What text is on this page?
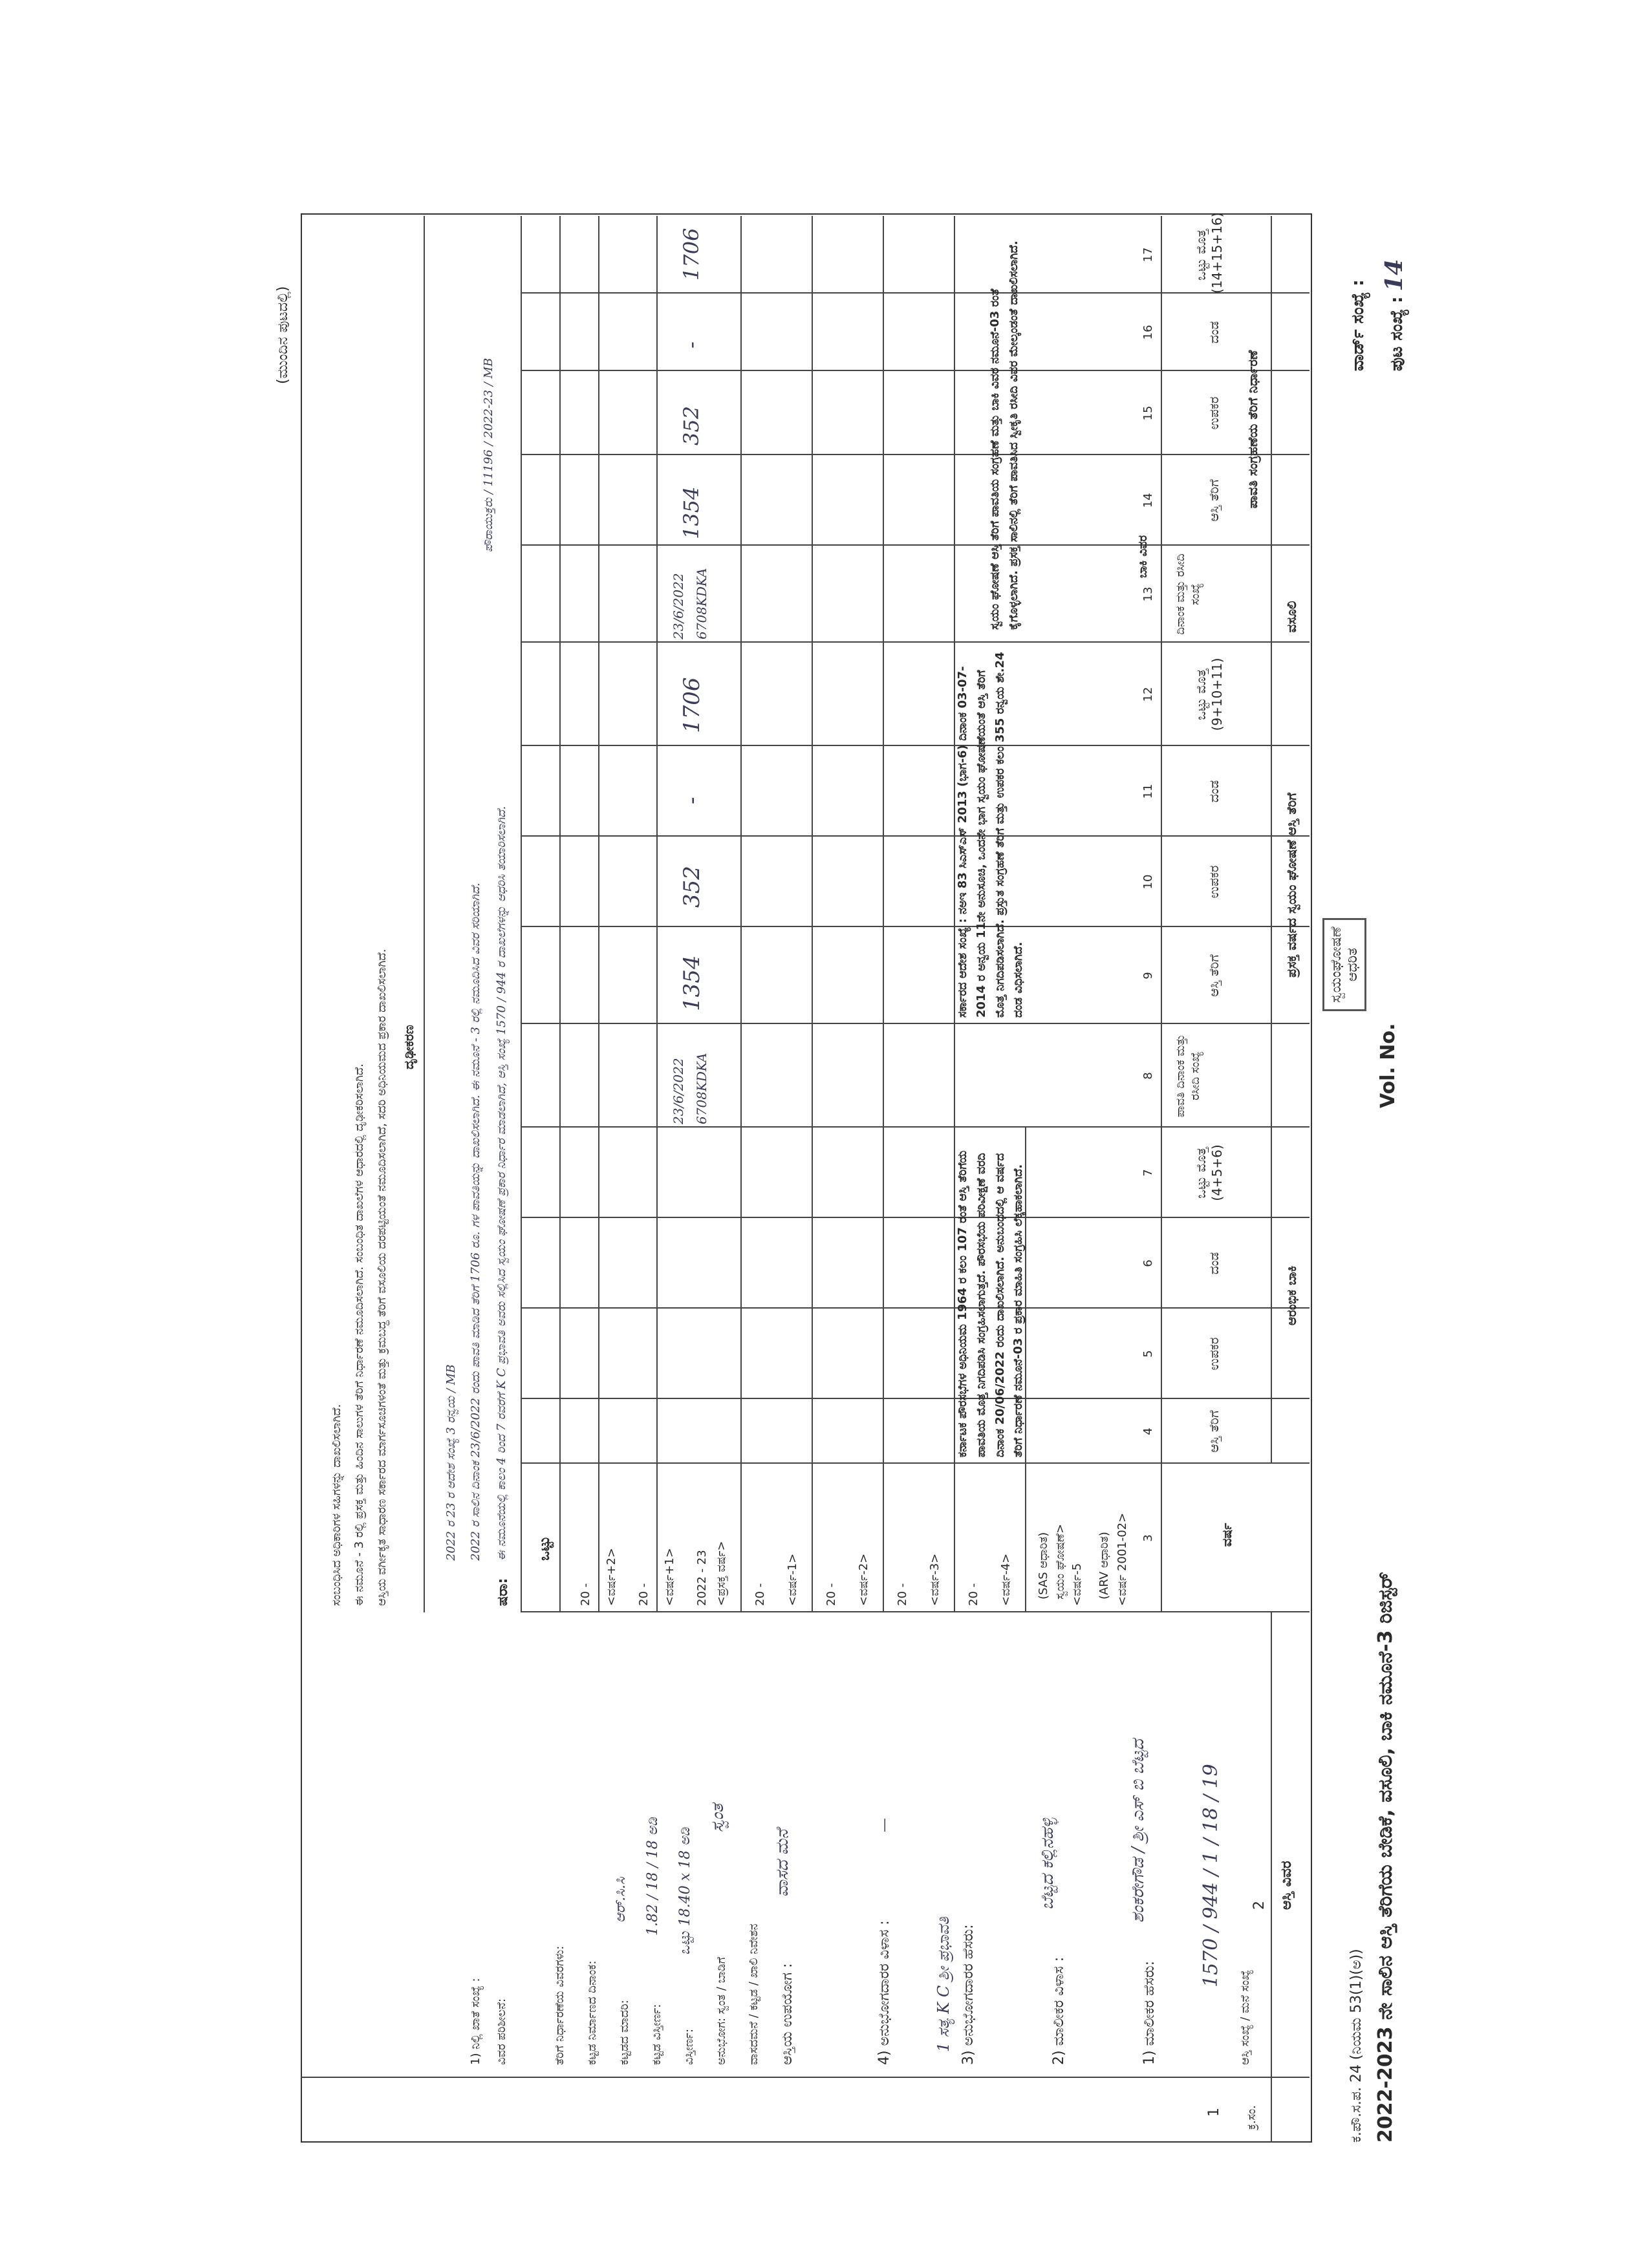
ಕ.ಪೌ.ಸ.ಪ. 24 (ನಿಯಮ 53(1)(ಅ)) 2022-2023 ನೇ ಸಾಲಿನ ಆಸ್ತಿ ತೆರಿಗೆಯ ಬೇಡಿಕೆ, ವಸೂಲಿ, ಬಾಕಿ ನಮೂನೆ-3 ರಿಜಿಸ್ಟರ್
Vol. No.
ಸ್ವಯಂಘೋಷಣೆ ಆಧರಿತ
ವಾರ್ಡ್ ಸಂಖ್ಯೆ :	ಪುಟ ಸಂಖ್ಯೆ : 14
ಆಸ್ತಿ ವಿವರ
2
ಕ್ರ.ಸಂ.
1
ಆಸ್ತಿ ಸಂಖ್ಯೆ / ಮನೆ ಸಂಖ್ಯೆ
1570 / 944 / 1 / 18 / 19
1) ಮಾಲೀಕರ ಹೆಸರು:
ಶಂಕರೇಗೌಡ / ಶ್ರೀ ಎಸ್ ಬಿ ಬೆಟ್ಟದ
2) ಮಾಲೀಕರ ವಿಳಾಸ :
ಬೆಟ್ಟದ ಕಲ್ಲಿನಹಳ್ಳಿ
3) ಅನುಭೋಗದಾರರ ಹೆಸರು:
1 ಸತ್ಯ K C ಶ್ರೀ ಪ್ರಭಾವತಿ
4) ಅನುಭೋಗದಾರರ ವಿಳಾಸ :
—
ಆಸ್ತಿಯ ಉಪಯೋಗ :
ವಾಸದ ಮನೆ
ವಾಸದಮನೆ / ಕಟ್ಟಡ / ಖಾಲಿ ನಿವೇಶನ
ಅನುಭೋಗ: ಸ್ವಂತ / ಬಾಡಿಗೆ
ಸ್ವಂತ
ವಿಸ್ತೀರ್ಣ:
ಒಟ್ಟು 18.40 x 18 ಅಡಿ
ಕಟ್ಟಡ ವಿಸ್ತೀರ್ಣ:
1.82 / 18 / 18 ಅಡಿ
ಕಟ್ಟಡದ ಮಾದರಿ:
ಆರ್.ಸಿ.ಸಿ
ಕಟ್ಟಡ ನಿರ್ಮಾಣದ ದಿನಾಂಕ:
ತೆರಿಗೆ ನಿರ್ಧಾರಣೆಯ ವಿವರಗಳು:
ವಿವರ ಪರಿಶೀಲನೆ:
1) ನಿಲ್ಲಿ ಖಾತೆ ಸಂಖ್ಯೆ :
ವರ್ಷ
ಆರಂಭಿಕ ಬಾಕಿ
ಪ್ರಸಕ್ತ ವರ್ಷದ ಸ್ವಯಂ ಘೋಷಣೆ ಆಸ್ತಿ ತೆರಿಗೆ
ವಸೂಲಿ
ಪಾವತಿ ಸಂಗ್ರಹಣೆಯ ತೆರಿಗೆ ನಿರ್ಧಾರಣೆ
ಆಸ್ತಿ ತೆರಿಗೆ
ಉಪಕರ
ದಂಡ
ಒಟ್ಟು ಮೊತ್ತ (4+5+6)
ಪಾವತಿ ದಿನಾಂಕ ಮತ್ತು ರಸೀದಿ ಸಂಖ್ಯೆ
ಆಸ್ತಿ ತೆರಿಗೆ
ಉಪಕರ
ದಂಡ
ಒಟ್ಟು ಮೊತ್ತ (9+10+11)
ದಿನಾಂಕ ಮತ್ತು ರಸೀದಿ ಸಂಖ್ಯೆ
ಆಸ್ತಿ ತೆರಿಗೆ
ಉಪಕರ
ದಂಡ
ಒಟ್ಟು ಮೊತ್ತ (14+15+16)
3
4
5
6
7
8
9
10
11
12
13
14
15
16
17
<ವರ್ಷ 2001-02>
(ARV ಆಧಾರಿತ)
<ವರ್ಷ-5
ಸ್ವಯಂ ಘೋಷಣೆ>
(SAS ಆಧಾರಿತ)
<ವರ್ಷ-4>
20 -
<ವರ್ಷ-3>
20 -
<ವರ್ಷ-2>
20 -
<ವರ್ಷ-1>
20 -
<ಪ್ರಸಕ್ತ ವರ್ಷ>
2022 - 23
<ವರ್ಷ+1>
20 -
<ವರ್ಷ+2>
20 -
ಒಟ್ಟು
ಕರ್ನಾಟಕ ಪೌರಸಭೆಗಳ ಅಧಿನಿಯಮ 1964 ರ ಕಲಂ 107 ರಂತೆ ಆಸ್ತಿ ತೆರಿಗೆಯ ಪಾವತಿಯ ಮೊತ್ತ ನಿಗದಿಪಡಿಸಿ ಸಂಗ್ರಹಿಸಲಾಗುತ್ತದೆ. ಪೌರಸಭೆಯ ಪರಿವೀಕ್ಷಣೆ ವರದಿ ದಿನಾಂಕ 20/06/2022 ರಂದು ದಾಖಲಿಸಲಾಗಿದೆ. ಅನುಬಂಧದಲ್ಲಿ ಆ ವರ್ಷದ ತೆರಿಗೆ ನಿರ್ಧಾರಣೆ ನಮೂನೆ-03 ರ ಪ್ರಕಾರ ಮಾಹಿತಿ ಸಂಗ್ರಹಿಸಿ ಲೆಕ್ಕಹಾಕಲಾಗಿದೆ.
ಸರ್ಕಾರದ ಆದೇಶ ಸಂಖ್ಯೆ : ನಅಇ 83 ಸಿಎಸ್ಎಸ್ 2013 (ಭಾಗ-6) ದಿನಾಂಕ 03-07-2014 ರ ಅನ್ವಯ 11ನೇ ಅನುಸೂಚಿ, ಒಂದನೇ ಭಾಗ ಸ್ವಯಂ ಘೋಷಣೆಯಂತೆ ಆಸ್ತಿ ತೆರಿಗೆ ಮೊತ್ತ ನಿಗದಿಪಡಿಸಲಾಗಿದೆ. ಪ್ರಸ್ತುತ ಸಂಗ್ರಹಣೆ ತೆರಿಗೆ ಮತ್ತು ಉಪಕರ ಕಲಂ 355 ರನ್ವಯ ಶೇ.24 ದಂಡ ವಿಧಿಸಲಾಗಿದೆ.
ಬಾಕಿ ವಿವರ
ಸ್ವಯಂ ಘೋಷಣೆ ಆಸ್ತಿ ತೆರಿಗೆ ಪಾವತಿಯ ಸಂಗ್ರಹಣೆ ಮತ್ತು ಬಾಕಿ ವಿವರ ನಮೂನೆ-03 ರಂತೆ ಕೈಗೊಳ್ಳಲಾಗಿದೆ. ಪ್ರಸಕ್ತ ಸಾಲಿನಲ್ಲಿ ತೆರಿಗೆ ಪಾವತಿಸಿದ ಸ್ವೀಕೃತಿ ರಸೀದಿ ವಿವರ ಮೇಲ್ಕಂಡಂತೆ ದಾಖಲಿಸಲಾಗಿದೆ.
6708KDKA
23/6/2022
1354
352
-
1706
6708KDKA
23/6/2022
1354
352
-
1706
ಷರಾ:
ಈ ನಮೂನೆಯಲ್ಲಿ ಕಾಲಂ 4 ರಿಂದ 7 ರವರೆಗೆ K C ಪ್ರಭಾವತಿ ಅವರು ಸಲ್ಲಿಸಿದ ಸ್ವಯಂ ಘೋಷಣೆ ಪ್ರಕಾರ ನಿರ್ಧಾರ ಮಾಡಲಾಗಿದೆ, ಆಸ್ತಿ ಸಂಖ್ಯೆ 1570 / 944 ರ ದಾಖಲೆಗಳನ್ನು ಆಧರಿಸಿ ತಯಾರಿಸಲಾಗಿದೆ.
2022 ರ ಸಾಲಿನ ದಿನಾಂಕ 23/6/2022 ರಂದು ಪಾವತಿ ಮಾಡಿದ ತೆರಿಗೆ 1706 ರೂ. ಗಳ ಪಾವತಿಯನ್ನು ದಾಖಲಿಸಲಾಗಿದೆ. ಈ ನಮೂನೆ - 3 ರಲ್ಲಿ ನಮೂದಿಸಿದ ವಿವರ ಸರಿಯಾಗಿದೆ.
2022 ರ 23 ರ ಆದೇಶ ಸಂಖ್ಯೆ 3 ರನ್ವಯ / MB
ದೃಢೀಕರಣ
ಆಸ್ತಿಯ ವರ್ಗೀಕೃತ ಸಾಧಾರಣ ಸರ್ಕಾರದ ಮಾರ್ಗಸೂಚಿಗಳಂತೆ ಮತ್ತು ಕ್ರಮಬದ್ಧ ತೆರಿಗೆ ವಸೂಲಿಯ ದರಪಟ್ಟಿಯಂತೆ ನಮೂದಿಸಲಾಗಿದೆ, ಸದರಿ ಅಧಿನಿಯಮದ ಪ್ರಕಾರ ದಾಖಲಿಸಲಾಗಿದೆ.
ಈ ನಮೂನೆ - 3 ರಲ್ಲಿ ಪ್ರಸಕ್ತ ಮತ್ತು ಹಿಂದಿನ ಸಾಲುಗಳ ತೆರಿಗೆ ನಿರ್ಧಾರಣೆ ನಮೂದಿಸಲಾಗಿದೆ. ಸಂಬಂಧಿತ ದಾಖಲೆಗಳ ಆಧಾರದಲ್ಲಿ ದೃಢೀಕರಿಸಲಾಗಿದೆ.
ಸಂಬಂಧಿಸಿದ ಅಧಿಕಾರಿಗಳ ಸಹಿಗಳನ್ನು ದಾಖಲಿಸಲಾಗಿದೆ.
ಪೌರಾಯುಕ್ತರು / 11196 / 2022-23 / MB
(ಮುಂದಿನ ಪುಟದಲ್ಲಿ)
